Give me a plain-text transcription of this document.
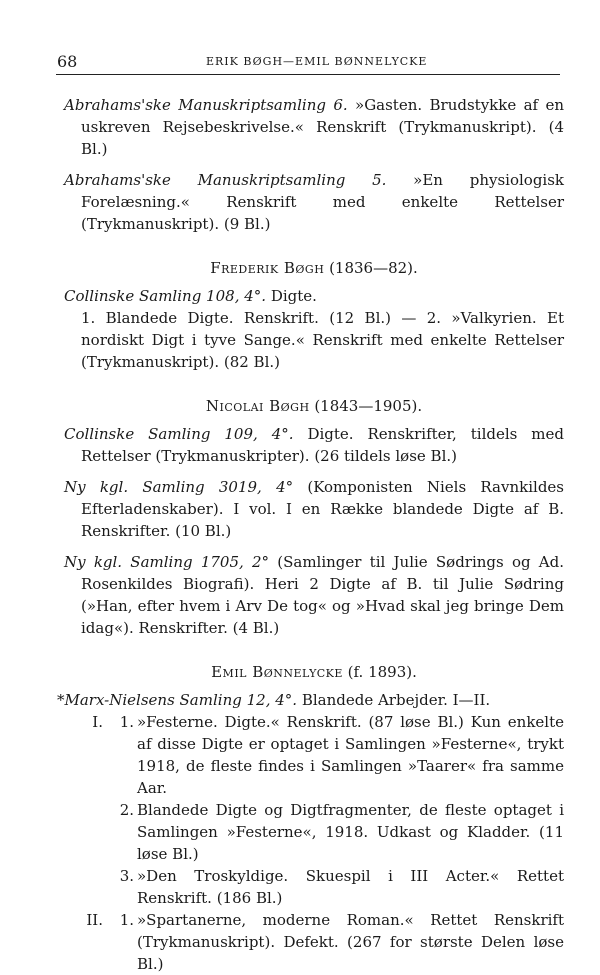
68	ERIK BØGH—EMIL BØNNELYCKE

Abrahams'ske Manuskriptsamling 6. »Gasten. Brudstykke af en uskreven Rejsebeskrivelse.« Renskrift (Trykmanuskript). (4 Bl.)

Abrahams'ske Manuskriptsamling 5. »En physiologisk Forelæsning.« Renskrift med enkelte Rettelser (Trykmanuskript). (9 Bl.)

Frederik Bøgh (1836—82).

Collinske Samling 108, 4°. Digte.

1. Blandede Digte. Renskrift. (12 Bl.) — 2. »Valkyrien. Et nordiskt Digt i tyve Sange.« Renskrift med enkelte Rettelser (Trykmanuskript). (82 Bl.)

Nicolai Bøgh (1843—1905).

Collinske Samling 109, 4°. Digte. Renskrifter, tildels med Rettelser (Trykmanuskripter). (26 tildels løse Bl.)

Ny kgl. Samling 3019, 4° (Komponisten Niels Ravnkildes Efterladenskaber). I vol. I en Række blandede Digte af B. Renskrifter. (10 Bl.)

Ny kgl. Samling 1705, 2° (Samlinger til Julie Sødrings og Ad. Rosenkildes Biografi). Heri 2 Digte af B. til Julie Sødring (»Han, efter hvem i Arv De tog« og »Hvad skal jeg bringe Dem idag«). Renskrifter. (4 Bl.)

Emil Bønnelycke (f. 1893).

*Marx-Nielsens Samling 12, 4°. Blandede Arbejder. I—II.

I.	1. »Festerne. Digte.« Renskrift. (87 løse Bl.) Kun enkelte af disse Digte er optaget i Samlingen »Festerne«, trykt 1918, de fleste findes i Samlingen »Taarer« fra samme Aar.
2. Blandede Digte og Digtfragmenter, de fleste optaget i Samlingen »Festerne«, 1918. Udkast og Kladder. (11 løse Bl.)
3. »Den Troskyldige. Skuespil i III Acter.« Rettet Renskrift. (186 Bl.)
II.	1. »Spartanerne, moderne Roman.« Rettet Renskrift (Trykmanuskript). Defekt. (267 for største Delen løse Bl.)
